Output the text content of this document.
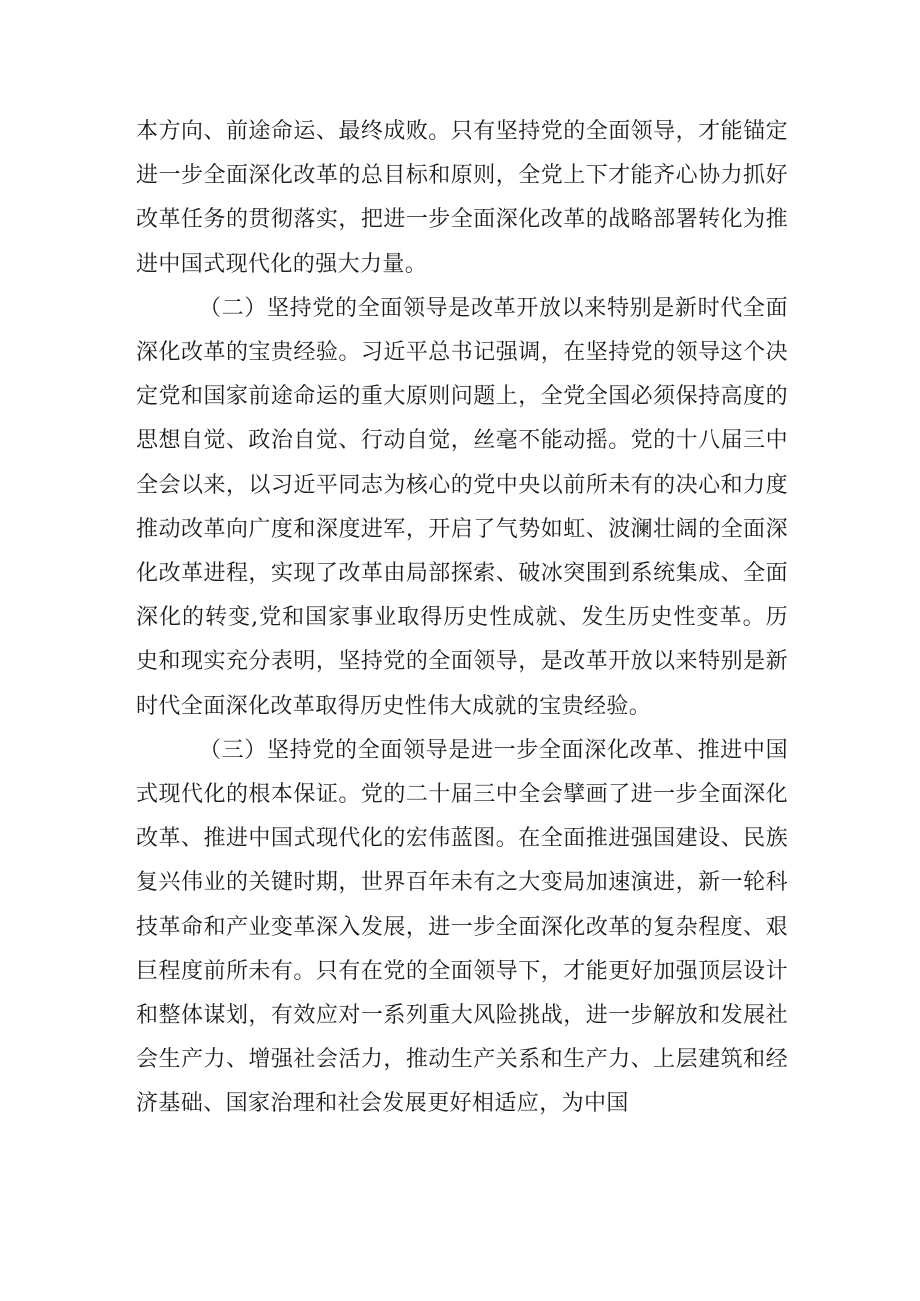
本方向、前途命运、最终成败。只有坚持党的全面领导，才能锚定进一步全面深化改革的总目标和原则，全党上下才能齐心协力抓好改革任务的贯彻落实，把进一步全面深化改革的战略部署转化为推进中国式现代化的强大力量。

（二）坚持党的全面领导是改革开放以来特别是新时代全面深化改革的宝贵经验。习近平总书记强调，在坚持党的领导这个决定党和国家前途命运的重大原则问题上，全党全国必须保持高度的思想自觉、政治自觉、行动自觉，丝毫不能动摇。党的十八届三中全会以来，以习近平同志为核心的党中央以前所未有的决心和力度推动改革向广度和深度进军，开启了气势如虹、波澜壮阔的全面深化改革进程，实现了改革由局部探索、破冰突围到系统集成、全面深化的转变,党和国家事业取得历史性成就、发生历史性变革。历史和现实充分表明，坚持党的全面领导，是改革开放以来特别是新时代全面深化改革取得历史性伟大成就的宝贵经验。

（三）坚持党的全面领导是进一步全面深化改革、推进中国式现代化的根本保证。党的二十届三中全会擘画了进一步全面深化改革、推进中国式现代化的宏伟蓝图。在全面推进强国建设、民族复兴伟业的关键时期，世界百年未有之大变局加速演进，新一轮科技革命和产业变革深入发展，进一步全面深化改革的复杂程度、艰巨程度前所未有。只有在党的全面领导下，才能更好加强顶层设计和整体谋划，有效应对一系列重大风险挑战，进一步解放和发展社会生产力、增强社会活力，推动生产关系和生产力、上层建筑和经济基础、国家治理和社会发展更好相适应，为中国
